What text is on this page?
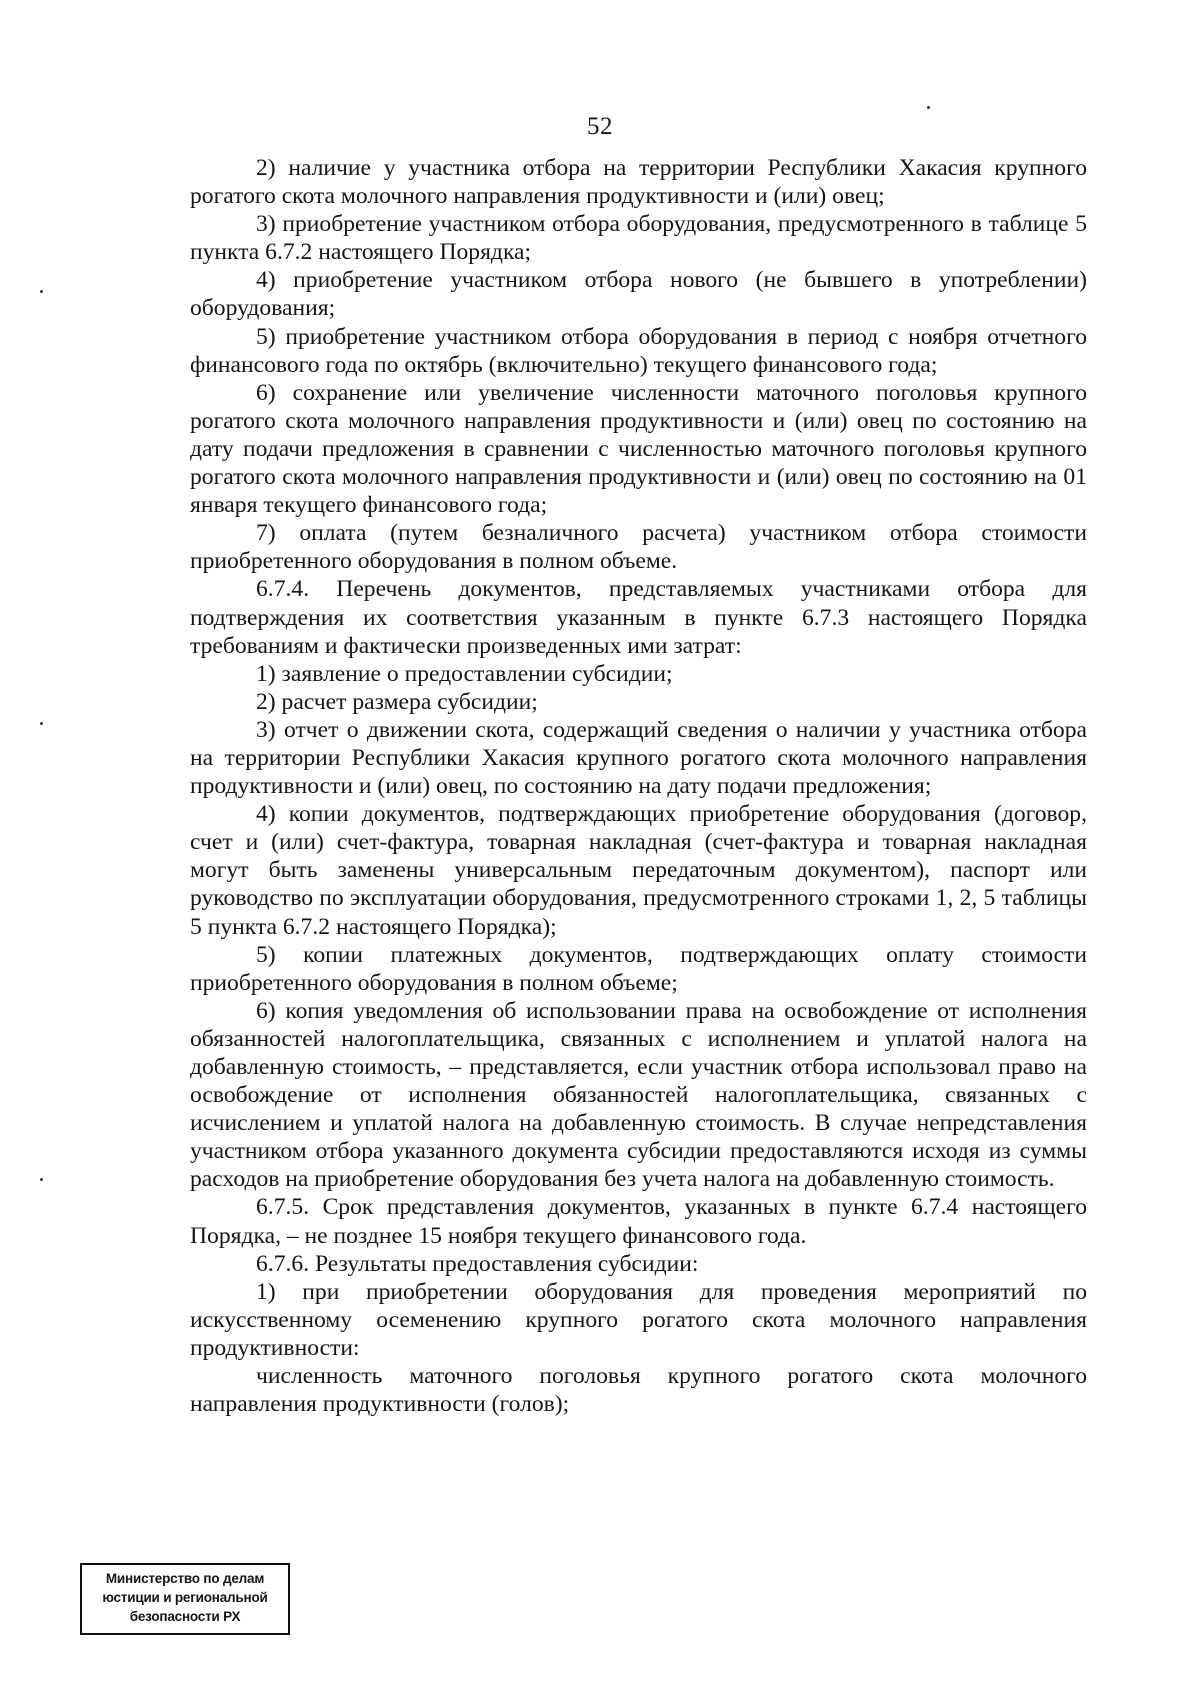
52

2) наличие у участника отбора на территории Республики Хакасия крупного рогатого скота молочного направления продуктивности и (или) овец;

3) приобретение участником отбора оборудования, предусмотренного в таблице 5 пункта 6.7.2 настоящего Порядка;

4) приобретение участником отбора нового (не бывшего в употреблении) оборудования;

5) приобретение участником отбора оборудования в период с ноября отчетного финансового года по октябрь (включительно) текущего финансового года;

6) сохранение или увеличение численности маточного поголовья крупного рогатого скота молочного направления продуктивности и (или) овец по состоянию на дату подачи предложения в сравнении с численностью маточного поголовья крупного рогатого скота молочного направления продуктивности и (или) овец по состоянию на 01 января текущего финансового года;

7) оплата (путем безналичного расчета) участником отбора стоимости приобретенного оборудования в полном объеме.

6.7.4. Перечень документов, представляемых участниками отбора для подтверждения их соответствия указанным в пункте 6.7.3 настоящего Порядка требованиям и фактически произведенных ими затрат:

1) заявление о предоставлении субсидии;

2) расчет размера субсидии;

3) отчет о движении скота, содержащий сведения о наличии у участника отбора на территории Республики Хакасия крупного рогатого скота молочного направления продуктивности и (или) овец, по состоянию на дату подачи предложения;

4) копии документов, подтверждающих приобретение оборудования (договор, счет и (или) счет-фактура, товарная накладная (счет-фактура и товарная накладная могут быть заменены универсальным передаточным документом), паспорт или руководство по эксплуатации оборудования, предусмотренного строками 1, 2, 5 таблицы 5 пункта 6.7.2 настоящего Порядка);

5) копии платежных документов, подтверждающих оплату стоимости приобретенного оборудования в полном объеме;

6) копия уведомления об использовании права на освобождение от исполнения обязанностей налогоплательщика, связанных с исполнением и уплатой налога на добавленную стоимость, – представляется, если участник отбора использовал право на освобождение от исполнения обязанностей налогоплательщика, связанных с исчислением и уплатой налога на добавленную стоимость. В случае непредставления участником отбора указанного документа субсидии предоставляются исходя из суммы расходов на приобретение оборудования без учета налога на добавленную стоимость.

6.7.5. Срок представления документов, указанных в пункте 6.7.4 настоящего Порядка, – не позднее 15 ноября текущего финансового года.

6.7.6. Результаты предоставления субсидии:

1) при приобретении оборудования для проведения мероприятий по искусственному осеменению крупного рогатого скота молочного направления продуктивности:

численность маточного поголовья крупного рогатого скота молочного направления продуктивности (голов);

Министерство по делам
юстиции и региональной
безопасности РХ
